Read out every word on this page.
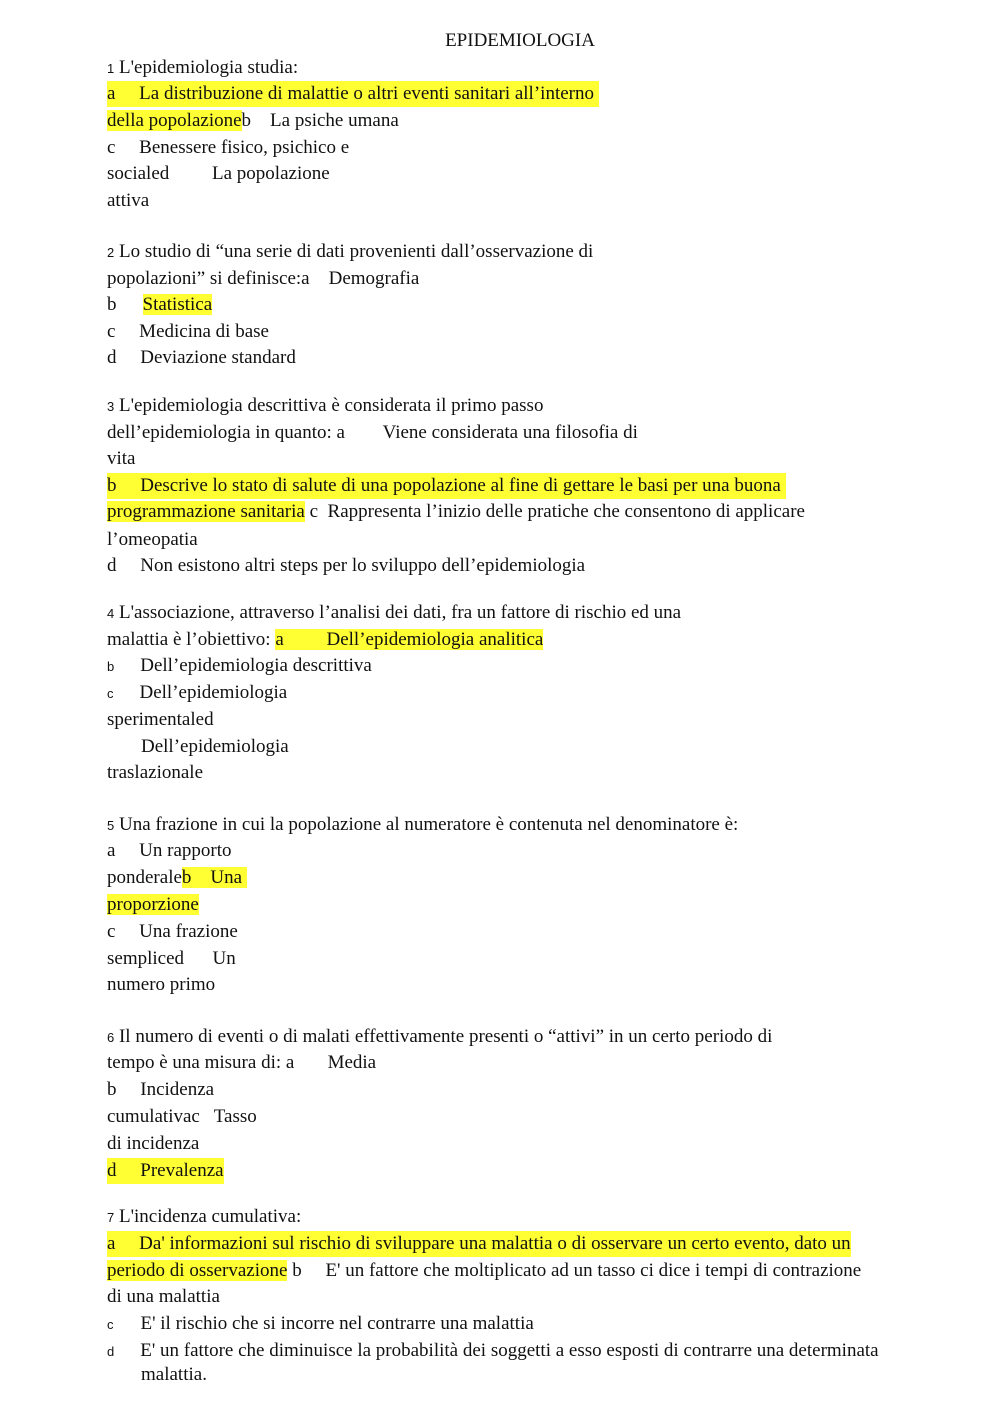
EPIDEMIOLOGIA
1 L'epidemiologia studia:
a     La distribuzione di malattie o altri eventi sanitari all’interno
della popolazioneb    La psiche umana
c     Benessere fisico, psichico e
socialed         La popolazione
attiva
2 Lo studio di “una serie di dati provenienti dall’osservazione di
popolazioni” si definisce:a    Demografia
b Statistica
c     Medicina di base
d     Deviazione standard
3 L'epidemiologia descrittiva è considerata il primo passo
dell’epidemiologia in quanto: a        Viene considerata una filosofia di
vita
b     Descrive lo stato di salute di una popolazione al fine di gettare le basi per una buona
programmazione sanitaria c  Rappresenta l’inizio delle pratiche che consentono di applicare
l’omeopatia
d     Non esistono altri steps per lo sviluppo dell’epidemiologia
4 L'associazione, attraverso l’analisi dei dati, fra un fattore di rischio ed una
malattia è l’obiettivo: a         Dell’epidemiologia analitica
b Dell’epidemiologia descrittiva
c Dell’epidemiologia
sperimentaled
Dell’epidemiologia
traslazionale
5 Una frazione in cui la popolazione al numeratore è contenuta nel denominatore è:
a     Un rapporto
ponderaleb    Una
proporzione
c     Una frazione
sempliced      Un
numero primo
6 Il numero di eventi o di malati effettivamente presenti o “attivi” in un certo periodo di
tempo è una misura di: a       Media
b     Incidenza
cumulativac   Tasso
di incidenza
d     Prevalenza
7 L'incidenza cumulativa:
a     Da' informazioni sul rischio di sviluppare una malattia o di osservare un certo evento, dato un
periodo di osservazione b     E' un fattore che moltiplicato ad un tasso ci dice i tempi di contrazione
di una malattia
c E' il rischio che si incorre nel contrarre una malattia
d E' un fattore che diminuisce la probabilità dei soggetti a esso esposti di contrarre una determinata
malattia.
